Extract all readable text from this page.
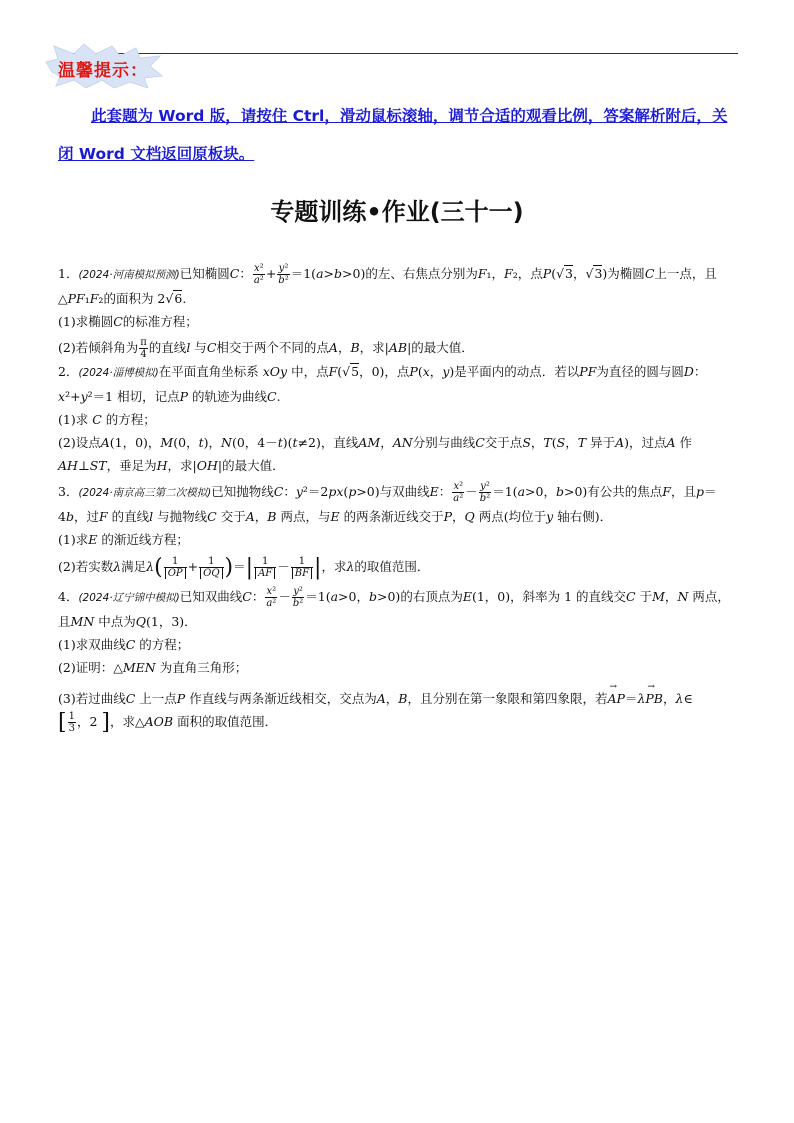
温馨提示：
此套题为 Word 版，请按住 Ctrl，滑动鼠标滚轴，调节合适的观看比例，答案解析附后，关闭 Word 文档返回原板块。
专题训练•作业(三十一)
1．(2024·河南模拟预测)已知椭圆C： $\frac{\text{x²}}{\text{a²}} + \frac{\text{y²}}{\text{b²}} =1(a>b>0)$的左、右焦点分别为F₁，F₂，点P(√3，√3)为椭圆C上一点，且△PF₁F₂的面积为 2√6.
(1)求椭圆C的标准方程；
(2)若倾斜角为 $\frac{\pi}{4}$ 的直线l 与C相交于两个不同的点A，B，求|AB|的最大值．
2．(2024·淄博模拟)在平面直角坐标系 xOy 中，点F(√5，0)，点P(x，y)是平面内的动点．若以PF为直径的圆与圆D：x²+y²＝1 相切，记点P 的轨迹为曲线C.
(1)求 C 的方程；
(2)设点A(1，0)，M(0，t)，N(0，4－t)(t≠2)，直线AM，AN分别与曲线C交于点S，T(S，T 异于A)，过点A 作 AH⊥ST，垂足为H，求|OH|的最大值．
3．(2024·南京高三第二次模拟)已知抛物线C：y²＝2px(p>0)与双曲线E： $\frac{\text{x²}}{\text{a²}} - \frac{\text{y²}}{\text{b²}} =1(a>0$，b>0)有公共的焦点F，且p＝4b，过F 的直线l 与抛物线C 交于A，B 两点，与E 的两条渐近线交于P，Q 两点(均位于y 轴右侧)．
(1)求E 的渐近线方程；
(2)若实数λ满足$\lambda( \frac{1}{OP} + \frac{1}{OQ}$ )＝| $\frac{1}{AF} - \frac{1}{BF}$ |，求λ的取值范围．
4．(2024·辽宁锦中模拟)已知双曲线C： $\frac{\text{x²}}{\text{a²}} - \frac{\text{y²}}{\text{b²}} =1(a>0$，b>0)的右顶点为E(1，0)，斜率为 1 的直线交C 于M，N 两点，且MN 中点为Q(1，3)．
(1)求双曲线C 的方程；
(2)证明：△MEN 为直角三角形；
(3)若过曲线C 上一点P 作直线与两条渐近线相交，交点为A，B，且分别在第一象限和第四象限，若→ AP＝λ→ PB，λ∈
[ $\frac{1}{3}$ ，2 ]，求△AOB 面积的取值范围．
